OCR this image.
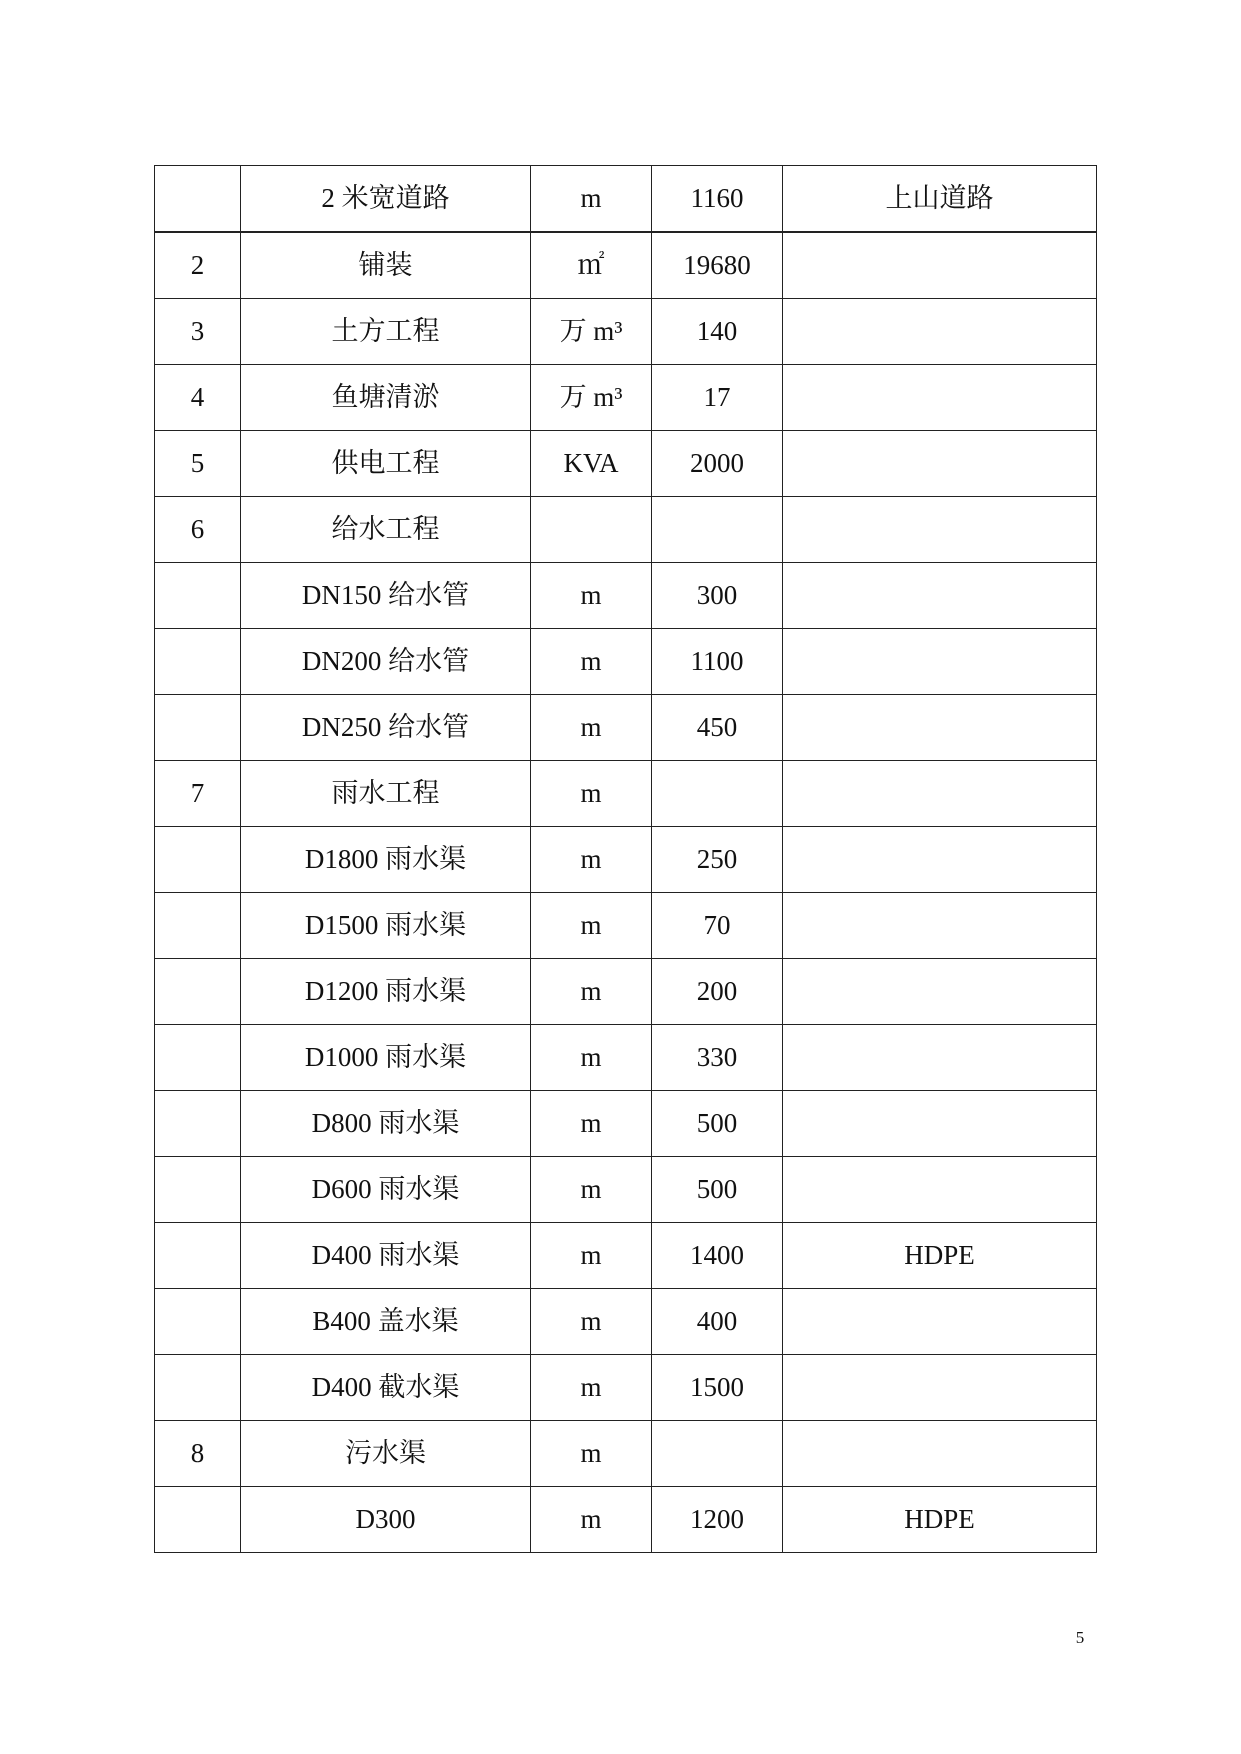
	2 米宽道路	m	1160	上山道路
2	铺装	㎡	19680	
3	土方工程	万 m³	140	
4	鱼塘清淤	万 m³	17	
5	供电工程	KVA	2000	
6	给水工程			
	DN150 给水管	m	300	
	DN200 给水管	m	1100	
	DN250 给水管	m	450	
7	雨水工程	m		
	D1800 雨水渠	m	250	
	D1500 雨水渠	m	70	
	D1200 雨水渠	m	200	
	D1000 雨水渠	m	330	
	D800 雨水渠	m	500	
	D600 雨水渠	m	500	
	D400 雨水渠	m	1400	HDPE
	B400 盖水渠	m	400	
	D400 截水渠	m	1500	
8	污水渠	m		
	D300	m	1200	HDPE
5
